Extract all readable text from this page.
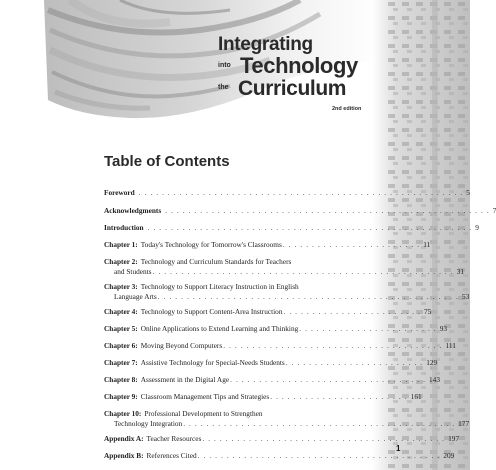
Integrating
into Technology
the Curriculum
2nd edition
Table of Contents
Foreword . . . . . . . . . . . . . . . . . . . . . . . . . . . . . . . . . . . . . . . . . . . . . . . . . . . . . . . . 5
Acknowledgments . . . . . . . . . . . . . . . . . . . . . . . . . . . . . . . . . . . . . . . . . . . . . . . . . . . . . . . . 7
Introduction . . . . . . . . . . . . . . . . . . . . . . . . . . . . . . . . . . . . . . . . . . . . . . . . . . . . . . . . 9
Chapter 1: Today's Technology for Tomorrow's Classrooms . . . . . . . . . . . . . . . . . . . . . . . . 11
Chapter 2: Technology and Curriculum Standards for Teachers
and Students . . . . . . . . . . . . . . . . . . . . . . . . . . . . . . . . . . . . . . . . . . . . . . . . . . . . 31
Chapter 3: Technology to Support Literacy Instruction in English
Language Arts . . . . . . . . . . . . . . . . . . . . . . . . . . . . . . . . . . . . . . . . . . . . . . . . . . . . 53
Chapter 4: Technology to Support Content-Area Instruction . . . . . . . . . . . . . . . . . . . . . . . . 75
Chapter 5: Online Applications to Extend Learning and Thinking . . . . . . . . . . . . . . . . . . . . . . . . 93
Chapter 6: Moving Beyond Computers . . . . . . . . . . . . . . . . . . . . . . . . . . . . . . . . . . . . . . 111
Chapter 7: Assistive Technology for Special-Needs Students . . . . . . . . . . . . . . . . . . . . . . . . 129
Chapter 8: Assessment in the Digital Age . . . . . . . . . . . . . . . . . . . . . . . . . . . . . . . . . . 143
Chapter 9: Classroom Management Tips and Strategies . . . . . . . . . . . . . . . . . . . . . . . . 161
Chapter 10: Professional Development to Strengthen
Technology Integration . . . . . . . . . . . . . . . . . . . . . . . . . . . . . . . . . . . . . . . . . . . . . . . 177
Appendix A: Teacher Resources . . . . . . . . . . . . . . . . . . . . . . . . . . . . . . . . . . . . . . . . . . 197
Appendix B: References Cited . . . . . . . . . . . . . . . . . . . . . . . . . . . . . . . . . . . . . . . . . . 209
1
